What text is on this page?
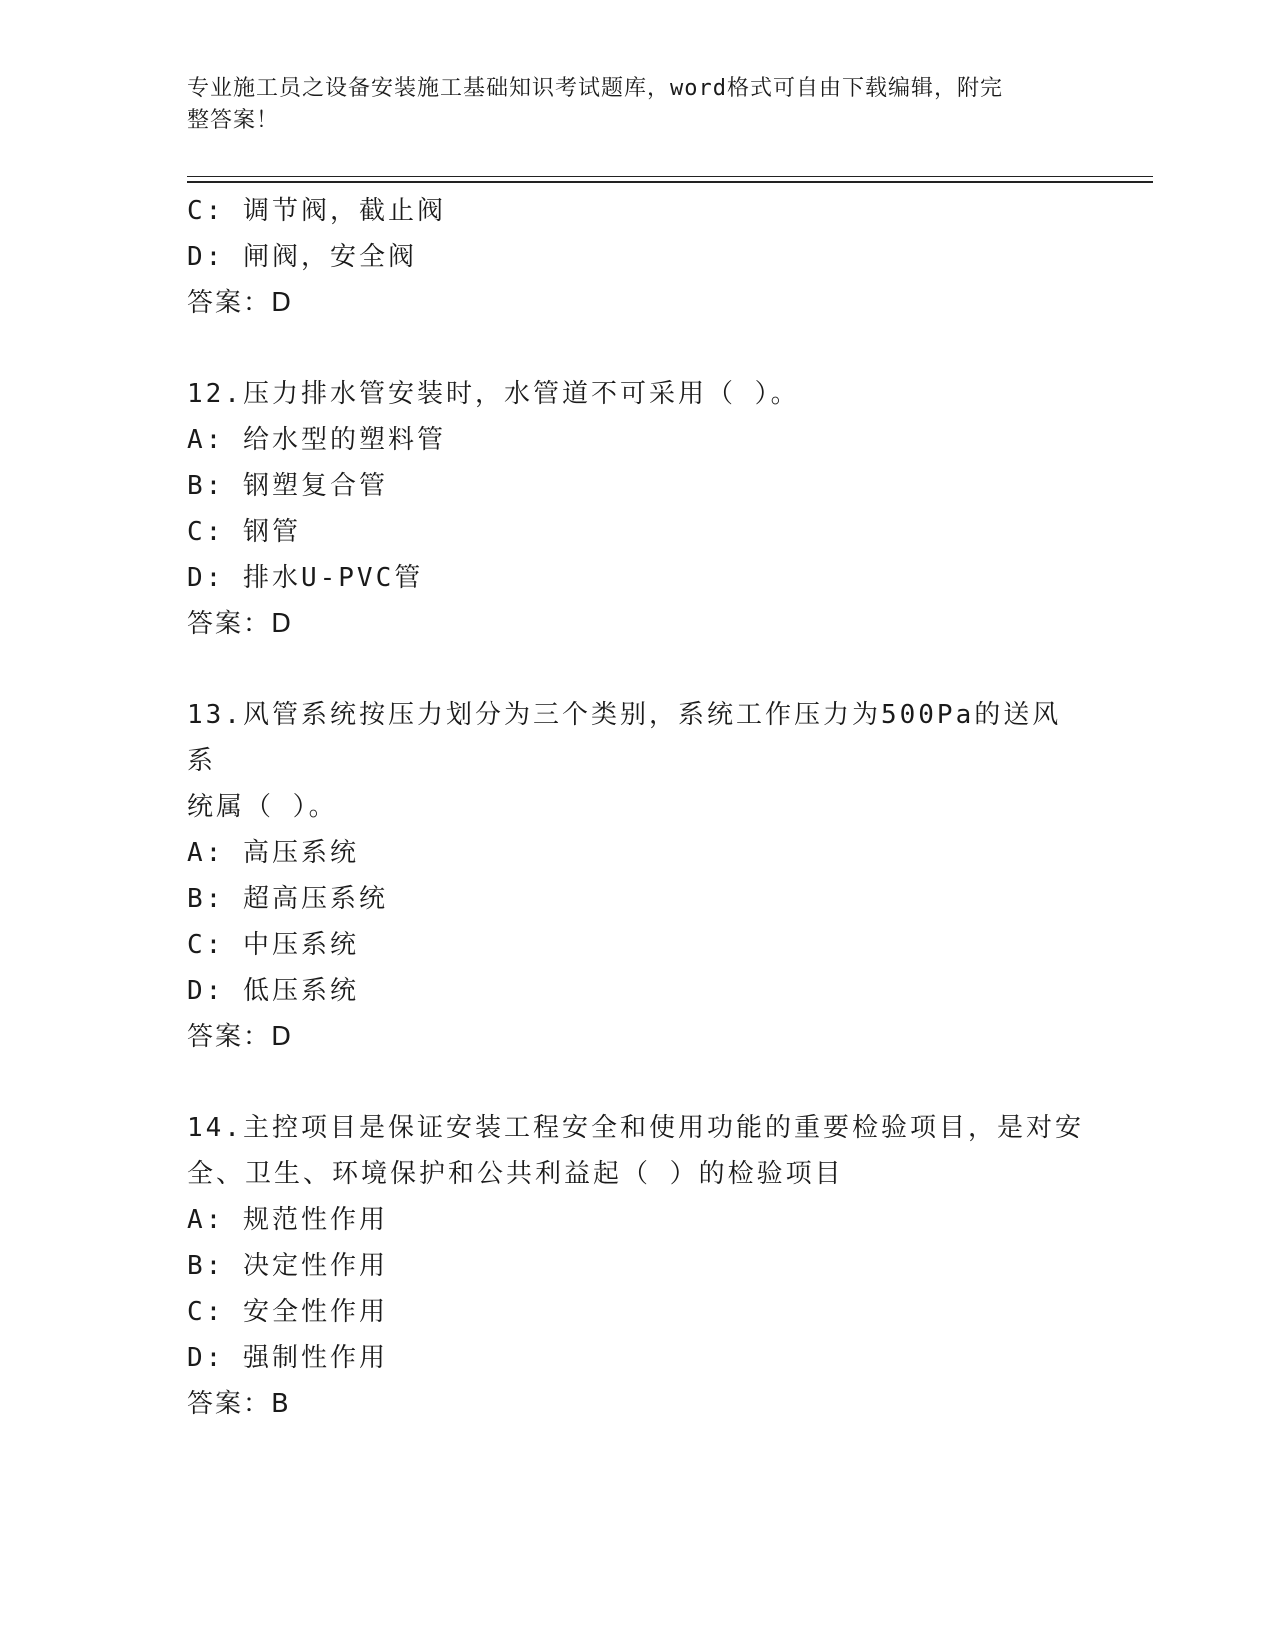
专业施工员之设备安装施工基础知识考试题库，word格式可自由下载编辑，附完
整答案！
C: 调节阀，截止阀
D: 闸阀，安全阀
答案：D
12.压力排水管安装时，水管道不可采用（ ）。
A: 给水型的塑料管
B: 钢塑复合管
C: 钢管
D: 排水U-PVC管
答案：D
13.风管系统按压力划分为三个类别，系统工作压力为500Pa的送风系
统属（ ）。
A: 高压系统
B: 超高压系统
C: 中压系统
D: 低压系统
答案：D
14.主控项目是保证安装工程安全和使用功能的重要检验项目，是对安
全、卫生、环境保护和公共利益起（ ）的检验项目
A: 规范性作用
B: 决定性作用
C: 安全性作用
D: 强制性作用
答案：B
